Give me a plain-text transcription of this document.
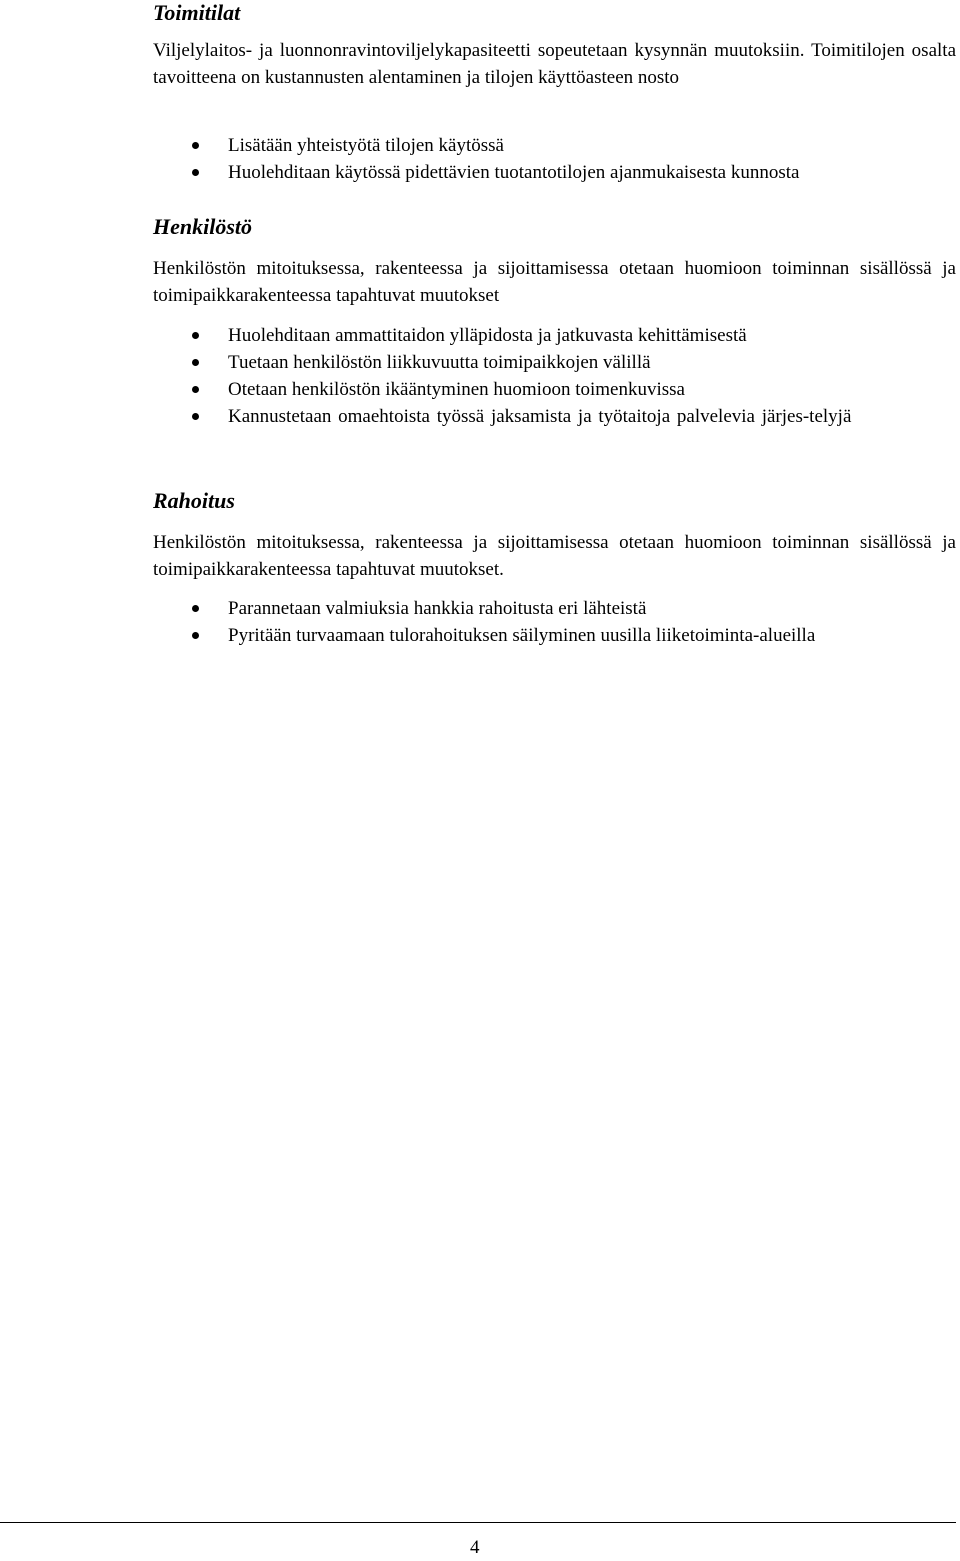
Toimitilat

Viljelylaitos- ja luonnonravintoviljelykapasiteetti sopeutetaan kysynnän muutoksiin. Toimitilojen osalta tavoitteena on kustannusten alentaminen ja tilojen käyttöasteen nosto

Lisätään yhteistyötä tilojen käytössä
Huolehditaan käytössä pidettävien tuotantotilojen ajanmukaisesta kunnosta
Henkilöstö

Henkilöstön mitoituksessa, rakenteessa ja sijoittamisessa otetaan huomioon toiminnan sisällössä ja toimipaikkarakenteessa tapahtuvat muutokset

Huolehditaan ammattitaidon ylläpidosta ja jatkuvasta kehittämisestä
Tuetaan henkilöstön liikkuvuutta toimipaikkojen välillä
Otetaan henkilöstön ikääntyminen huomioon toimenkuvissa
Kannustetaan omaehtoista työssä jaksamista ja työtaitoja palvelevia järjes-telyjä
Rahoitus

Henkilöstön mitoituksessa, rakenteessa ja sijoittamisessa otetaan huomioon toiminnan sisällössä ja toimipaikkarakenteessa tapahtuvat muutokset.

Parannetaan valmiuksia hankkia rahoitusta eri lähteistä
Pyritään turvaamaan tulorahoituksen säilyminen uusilla liiketoiminta-alueilla
4
